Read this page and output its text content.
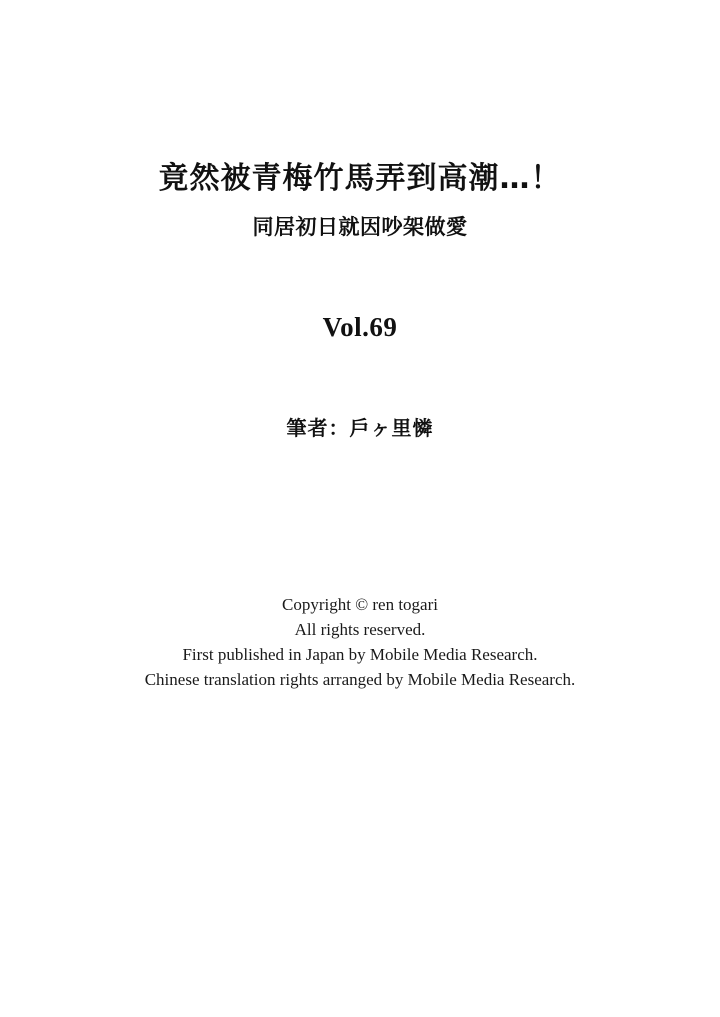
竟然被青梅竹馬弄到高潮…！
同居初日就因吵架做愛
Vol.69
筆者：戶ヶ里憐

Copyright © ren togari

All rights reserved.

First published in Japan by Mobile Media Research.

Chinese translation rights arranged by Mobile Media Research.
